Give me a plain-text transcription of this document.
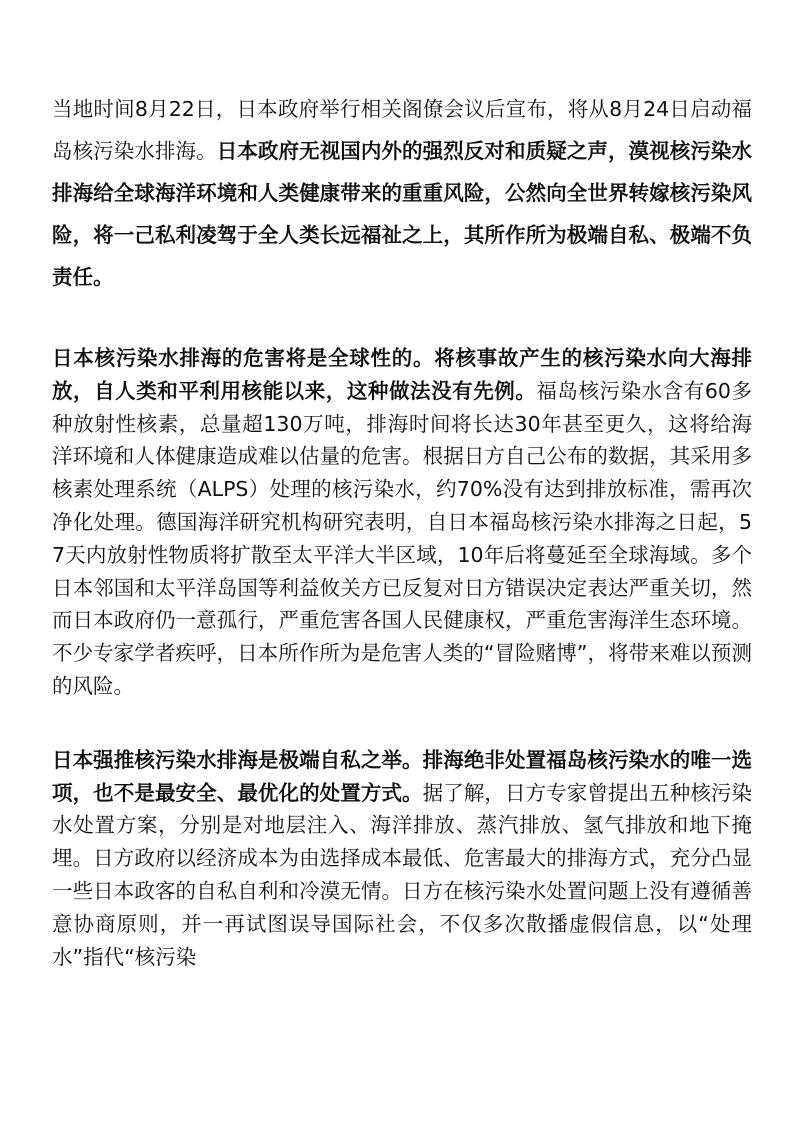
当地时间8月22日，日本政府举行相关阁僚会议后宣布，将从8月24日启动福岛核污染水排海。日本政府无视国内外的强烈反对和质疑之声，漠视核污染水排海给全球海洋环境和人类健康带来的重重风险，公然向全世界转嫁核污染风险，将一己私利凌驾于全人类长远福祉之上，其所作所为极端自私、极端不负责任。

日本核污染水排海的危害将是全球性的。将核事故产生的核污染水向大海排放，自人类和平利用核能以来，这种做法没有先例。福岛核污染水含有60多种放射性核素，总量超130万吨，排海时间将长达30年甚至更久，这将给海洋环境和人体健康造成难以估量的危害。根据日方自己公布的数据，其采用多核素处理系统（ALPS）处理的核污染水，约70%没有达到排放标准，需再次净化处理。德国海洋研究机构研究表明，自日本福岛核污染水排海之日起，57天内放射性物质将扩散至太平洋大半区域，10年后将蔓延至全球海域。多个日本邻国和太平洋岛国等利益攸关方已反复对日方错误决定表达严重关切，然而日本政府仍一意孤行，严重危害各国人民健康权，严重危害海洋生态环境。不少专家学者疾呼，日本所作所为是危害人类的“冒险赌博”，将带来难以预测的风险。

日本强推核污染水排海是极端自私之举。排海绝非处置福岛核污染水的唯一选项，也不是最安全、最优化的处置方式。据了解，日方专家曾提出五种核污染水处置方案，分别是对地层注入、海洋排放、蒸汽排放、氢气排放和地下掩埋。日方政府以经济成本为由选择成本最低、危害最大的排海方式，充分凸显一些日本政客的自私自利和冷漠无情。日方在核污染水处置问题上没有遵循善意协商原则，并一再试图误导国际社会，不仅多次散播虚假信息，以“处理水”指代“核污染
